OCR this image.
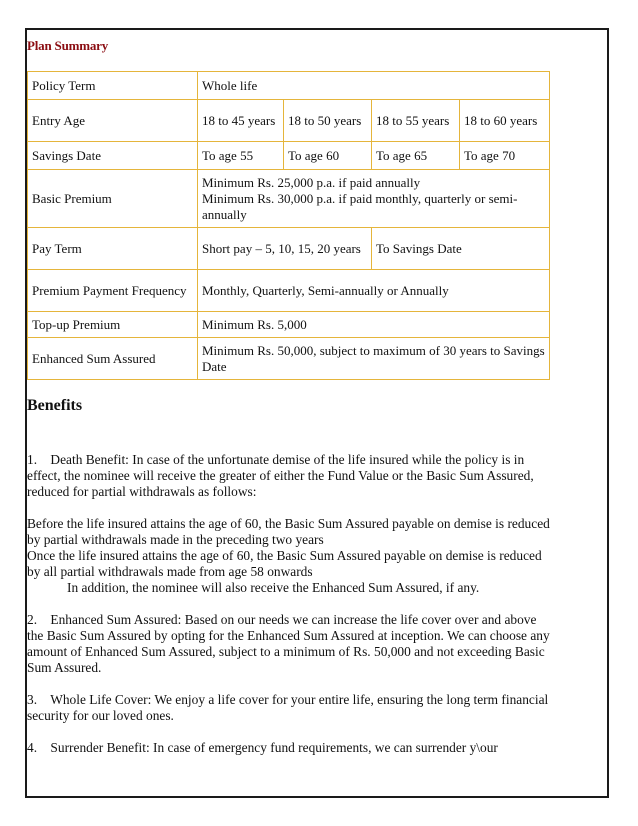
Plan Summary
Policy Term	Whole life			
Entry Age	18 to 45 years	18 to 50 years	18 to 55 years	18 to 60 years
Savings Date	To age 55	To age 60	To age 65	To age 70
Basic Premium	Minimum Rs. 25,000 p.a. if paid annually
Minimum Rs. 30,000 p.a. if paid monthly, quarterly or semi-annually			

Pay Term	Short pay – 5, 10, 15, 20 years		To Savings Date	
Premium Payment Frequency	Monthly, Quarterly, Semi-annually or Annually			
Top-up Premium	Minimum Rs. 5,000			
Enhanced Sum Assured	Minimum Rs. 50,000, subject to maximum of 30 years to Savings Date			
Benefits

1.    Death Benefit: In case of the unfortunate demise of the life insured while the policy is in effect, the nominee will receive the greater of either the Fund Value or the Basic Sum Assured, reduced for partial withdrawals as follows:

Before the life insured attains the age of 60, the Basic Sum Assured payable on demise is reduced by partial withdrawals made in the preceding two years

Once the life insured attains the age of 60, the Basic Sum Assured payable on demise is reduced by all partial withdrawals made from age 58 onwards

In addition, the nominee will also receive the Enhanced Sum Assured, if any.

2.    Enhanced Sum Assured: Based on our needs we can increase the life cover over and above the Basic Sum Assured by opting for the Enhanced Sum Assured at inception. We can choose any amount of Enhanced Sum Assured, subject to a minimum of Rs. 50,000 and not exceeding Basic Sum Assured.

3.    Whole Life Cover: We enjoy a life cover for your entire life, ensuring the long term financial security for our loved ones.

4.    Surrender Benefit: In case of emergency fund requirements, we can surrender y\our
